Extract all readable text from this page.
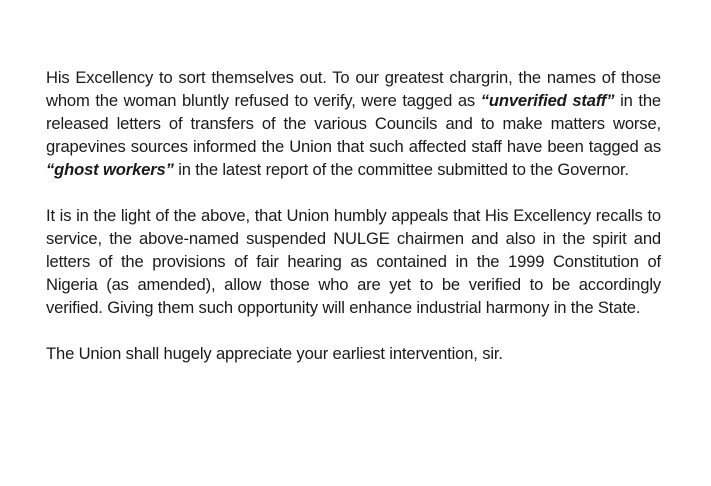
His Excellency to sort themselves out. To our greatest chargrin, the names of those whom the woman bluntly refused to verify, were tagged as “unverified staff” in the released letters of transfers of the various Councils and to make matters worse, grapevines sources informed the Union that such affected staff have been tagged as “ghost workers” in the latest report of the committee submitted to the Governor.

It is in the light of the above, that Union humbly appeals that His Excellency recalls to service, the above-named suspended NULGE chairmen and also in the spirit and letters of the provisions of fair hearing as contained in the 1999 Constitution of Nigeria (as amended), allow those who are yet to be verified to be accordingly verified. Giving them such opportunity will enhance industrial harmony in the State.

The Union shall hugely appreciate your earliest intervention, sir.
